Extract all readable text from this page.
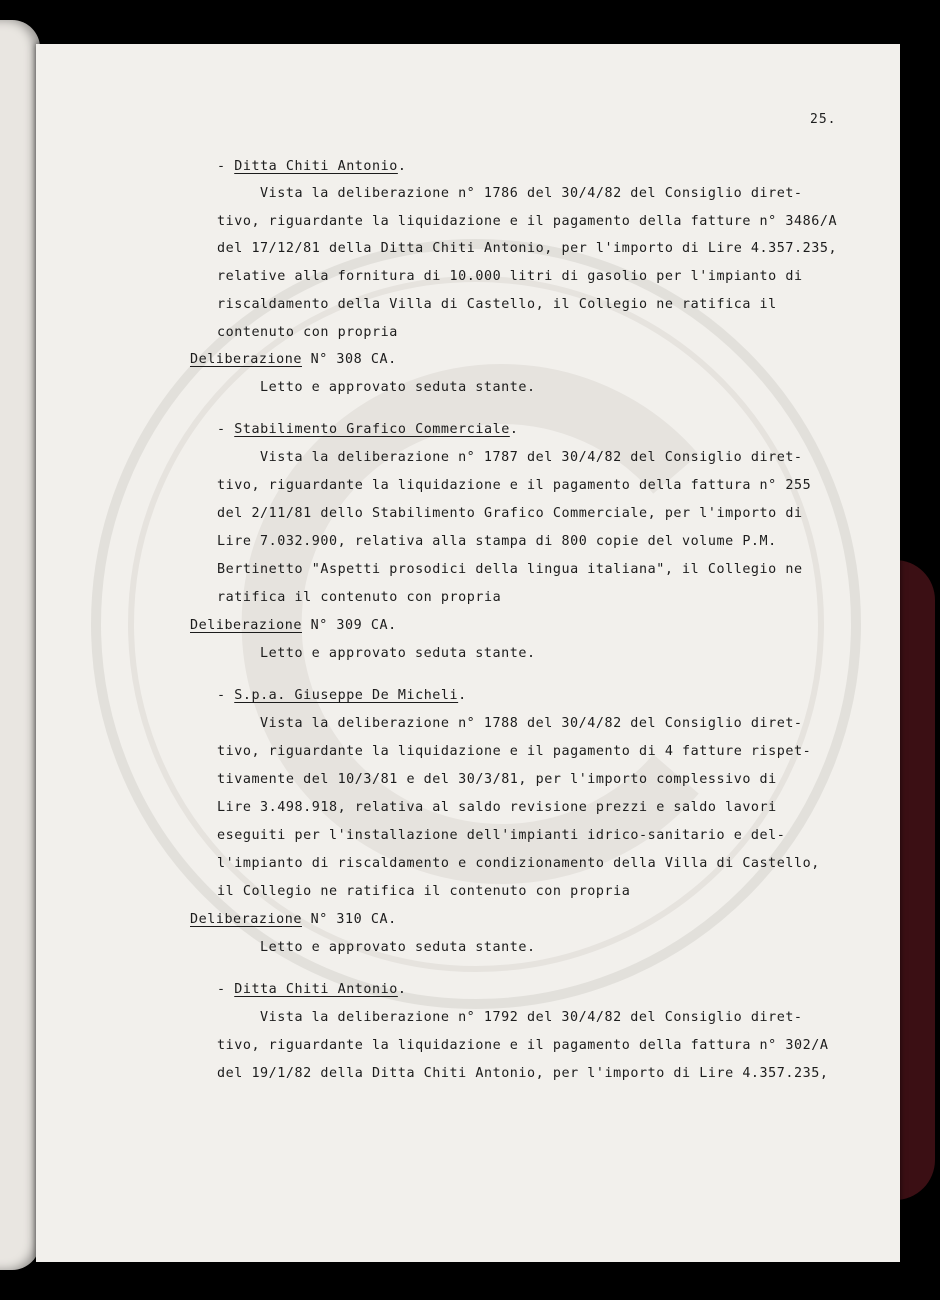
25.
- Ditta Chiti Antonio.
Vista la deliberazione n° 1786 del 30/4/82 del Consiglio diret-
tivo, riguardante la liquidazione e il pagamento della fatture n° 3486/A
del 17/12/81 della Ditta Chiti Antonio, per l'importo di Lire 4.357.235,
relative alla fornitura di 10.000 litri di gasolio per l'impianto di
riscaldamento della Villa di Castello, il Collegio ne ratifica il
contenuto con propria
Deliberazione N° 308 CA.
Letto e approvato seduta stante.
- Stabilimento Grafico Commerciale.
Vista la deliberazione n° 1787 del 30/4/82 del Consiglio diret-
tivo, riguardante la liquidazione e il pagamento della fattura n° 255
del 2/11/81 dello Stabilimento Grafico Commerciale, per l'importo di
Lire 7.032.900, relativa alla stampa di 800 copie del volume P.M.
Bertinetto "Aspetti prosodici della lingua italiana", il Collegio ne
ratifica il contenuto con propria
Deliberazione N° 309 CA.
Letto e approvato seduta stante.
- S.p.a. Giuseppe De Micheli.
Vista la deliberazione n° 1788 del 30/4/82 del Consiglio diret-
tivo, riguardante la liquidazione e il pagamento di 4 fatture rispet-
tivamente del 10/3/81 e del 30/3/81, per l'importo complessivo di
Lire 3.498.918, relativa al saldo revisione prezzi e saldo lavori
eseguiti per l'installazione dell'impianti idrico-sanitario e del-
l'impianto di riscaldamento e condizionamento della Villa di Castello,
il Collegio ne ratifica il contenuto con propria
Deliberazione N° 310 CA.
Letto e approvato seduta stante.
- Ditta Chiti Antonio.
Vista la deliberazione n° 1792 del 30/4/82 del Consiglio diret-
tivo, riguardante la liquidazione e il pagamento della fattura n° 302/A
del 19/1/82 della Ditta Chiti Antonio, per l'importo di Lire 4.357.235,
